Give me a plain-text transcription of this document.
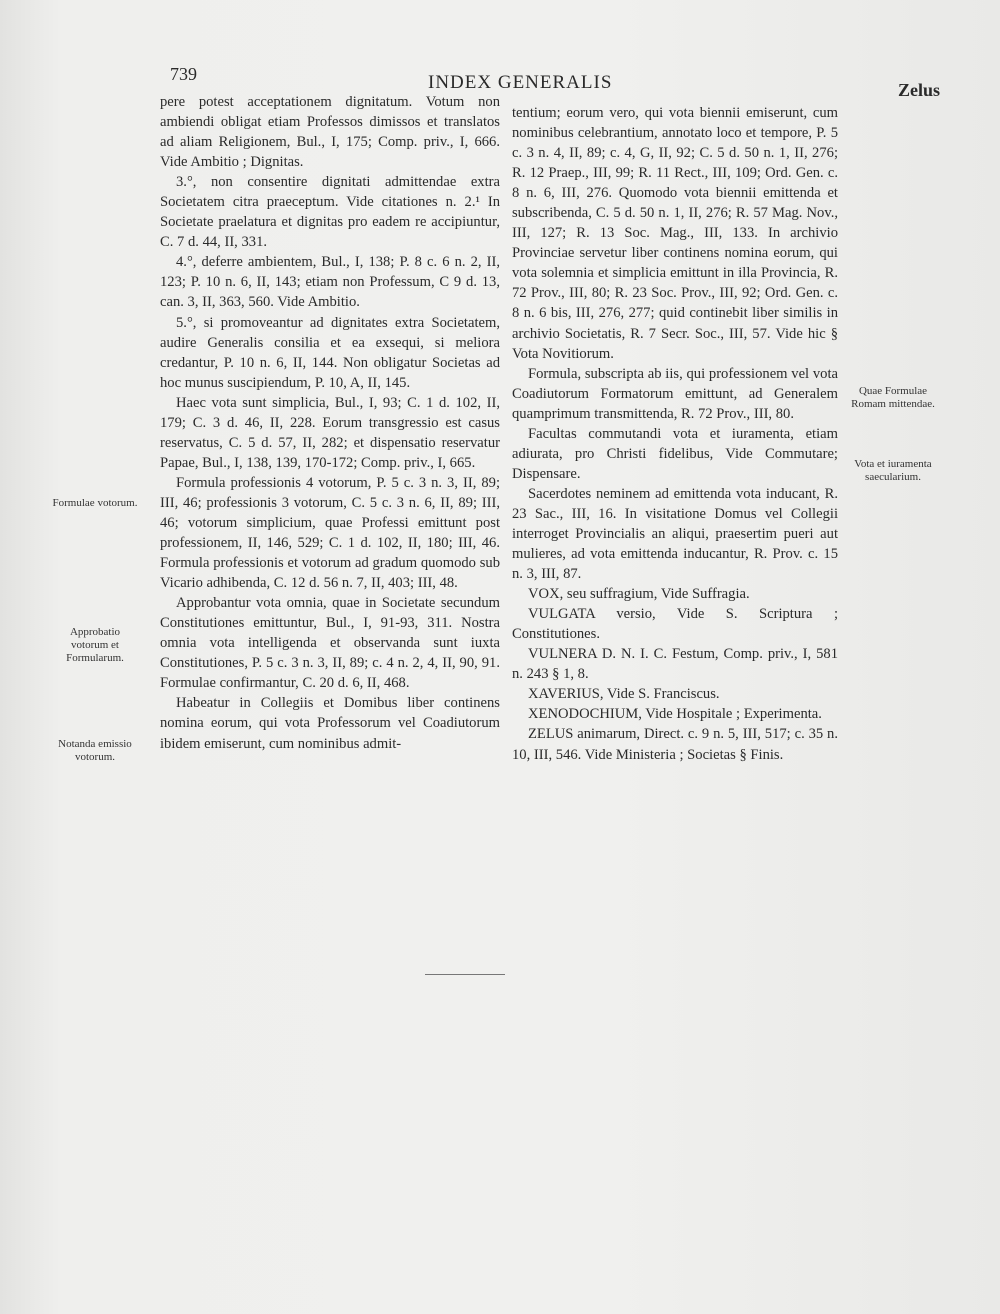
739	INDEX GENERALIS	Zelus

pere potest acceptationem dignitatum. Votum non ambiendi obligat etiam Professos dimissos et translatos ad aliam Religionem, Bul., I, 175; Comp. priv., I, 666. Vide Ambitio ; Dignitas.

3.°, non consentire dignitati admittendae extra Societatem citra praeceptum. Vide citationes n. 2.¹ In Societate praelatura et dignitas pro eadem re accipiuntur, C. 7 d. 44, II, 331.

4.°, deferre ambientem, Bul., I, 138; P. 8 c. 6 n. 2, II, 123; P. 10 n. 6, II, 143; etiam non Professum, C 9 d. 13, can. 3, II, 363, 560. Vide Ambitio.

5.°, si promoveantur ad dignitates extra Societatem, audire Generalis consilia et ea exsequi, si meliora credantur, P. 10 n. 6, II, 144. Non obligatur Societas ad hoc munus suscipiendum, P. 10, A, II, 145.

Haec vota sunt simplicia, Bul., I, 93; C. 1 d. 102, II, 179; C. 3 d. 46, II, 228. Eorum transgressio est casus reservatus, C. 5 d. 57, II, 282; et dispensatio reservatur Papae, Bul., I, 138, 139, 170-172; Comp. priv., I, 665.

Formula professionis 4 votorum, P. 5 c. 3 n. 3, II, 89; III, 46; professionis 3 votorum, C. 5 c. 3 n. 6, II, 89; III, 46; votorum simplicium, quae Professi emittunt post professionem, II, 146, 529; C. 1 d. 102, II, 180; III, 46. Formula professionis et votorum ad gradum quomodo sub Vicario adhibenda, C. 12 d. 56 n. 7, II, 403; III, 48.

Approbantur vota omnia, quae in Societate secundum Constitutiones emittuntur, Bul., I, 91-93, 311. Nostra omnia vota intelligenda et observanda sunt iuxta Constitutiones, P. 5 c. 3 n. 3, II, 89; c. 4 n. 2, 4, II, 90, 91. Formulae confirmantur, C. 20 d. 6, II, 468.

Habeatur in Collegiis et Domibus liber continens nomina eorum, qui vota Professorum vel Coadiutorum ibidem emiserunt, cum nominibus admit-

tentium; eorum vero, qui vota biennii emiserunt, cum nominibus celebrantium, annotato loco et tempore, P. 5 c. 3 n. 4, II, 89; c. 4, G, II, 92; C. 5 d. 50 n. 1, II, 276; R. 12 Praep., III, 99; R. 11 Rect., III, 109; Ord. Gen. c. 8 n. 6, III, 276. Quomodo vota biennii emittenda et subscribenda, C. 5 d. 50 n. 1, II, 276; R. 57 Mag. Nov., III, 127; R. 13 Soc. Mag., III, 133. In archivio Provinciae servetur liber continens nomina eorum, qui vota solemnia et simplicia emittunt in illa Provincia, R. 72 Prov., III, 80; R. 23 Soc. Prov., III, 92; Ord. Gen. c. 8 n. 6 bis, III, 276, 277; quid continebit liber similis in archivio Societatis, R. 7 Secr. Soc., III, 57. Vide hic § Vota Novitiorum.

Formula, subscripta ab iis, qui professionem vel vota Coadiutorum Formatorum emittunt, ad Generalem quamprimum transmittenda, R. 72 Prov., III, 80.

Facultas commutandi vota et iuramenta, etiam adiurata, pro Christi fidelibus, Vide Commutare; Dispensare.

Sacerdotes neminem ad emittenda vota inducant, R. 23 Sac., III, 16. In visitatione Domus vel Collegii interroget Provincialis an aliqui, praesertim pueri aut mulieres, ad vota emittenda inducantur, R. Prov. c. 15 n. 3, III, 87.

VOX, seu suffragium, Vide Suffragia.

VULGATA versio, Vide S. Scriptura ; Constitutiones.

VULNERA D. N. I. C. Festum, Comp. priv., I, 581 n. 243 § 1, 8.

XAVERIUS, Vide S. Franciscus.

XENODOCHIUM, Vide Hospitale ; Experimenta.

ZELUS animarum, Direct. c. 9 n. 5, III, 517; c. 35 n. 10, III, 546. Vide Ministeria ; Societas § Finis.

Formulae votorum.
Approbatio votorum et Formularum.
Notanda emissio votorum.
Quae Formulae Romam mittendae.
Vota et iuramenta saecularium.
